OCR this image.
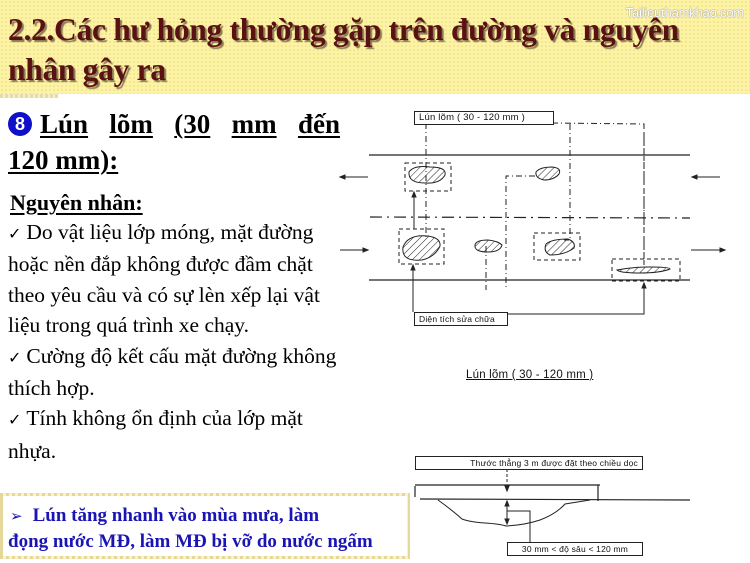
2.2.Các hư hỏng thường gặp trên đường và nguyên nhân gây ra
Tailieuthamkhao.com
8 Lún lõm (30 mm đến
120 mm):
Nguyên nhân:
✓ Do vật liệu lớp móng, mặt đường hoặc nền đắp không được đầm chặt theo yêu cầu và có sự lèn xếp lại vật liệu trong quá trình xe chạy.
✓ Cường độ kết cấu mặt đường không thích hợp.
✓ Tính không ổn định của lớp mặt nhựa.
➢ Lún tăng nhanh vào mùa mưa, làm
đọng nước MĐ, làm MĐ bị vỡ do nước ngấm
Lún lõm ( 30 - 120 mm )
Diện tích sửa chữa
Lún lõm ( 30 - 120 mm )
Thước thẳng 3 m được đặt theo chiều dọc
30 mm < độ sâu < 120 mm
